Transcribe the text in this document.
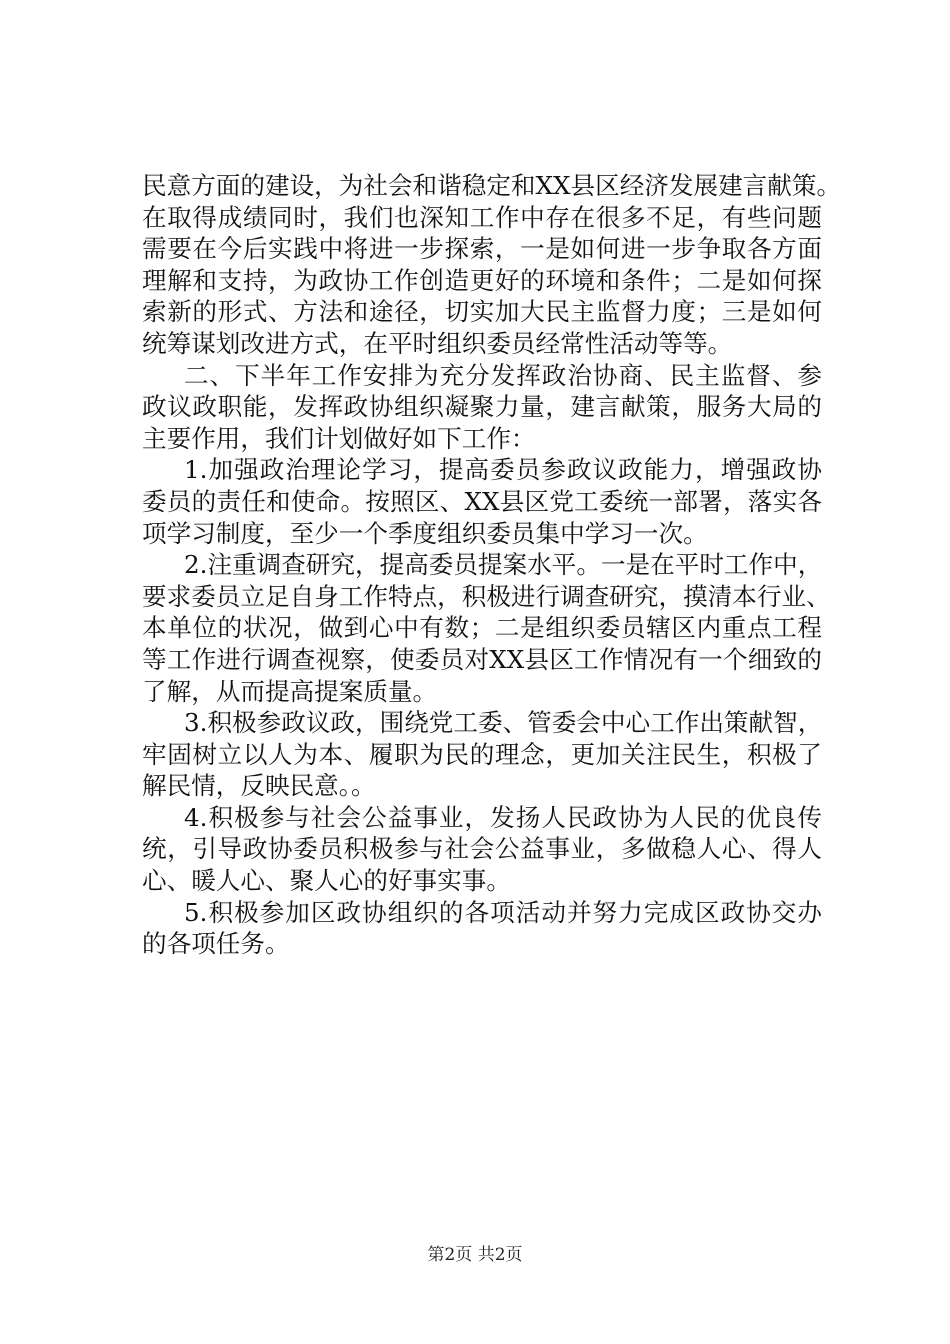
民意方面的建设，为社会和谐稳定和XX县区经济发展建言献策。
在取得成绩同时，我们也深知工作中存在很多不足，有些问题
需要在今后实践中将进一步探索，一是如何进一步争取各方面
理解和支持，为政协工作创造更好的环境和条件；二是如何探
索新的形式、方法和途径，切实加大民主监督力度；三是如何
统筹谋划改进方式，在平时组织委员经常性活动等等。
二、下半年工作安排为充分发挥政治协商、民主监督、参
政议政职能，发挥政协组织凝聚力量，建言献策，服务大局的
主要作用，我们计划做好如下工作：
1.加强政治理论学习，提高委员参政议政能力，增强政协
委员的责任和使命。按照区、XX县区党工委统一部署，落实各
项学习制度，至少一个季度组织委员集中学习一次。
2.注重调查研究，提高委员提案水平。一是在平时工作中，
要求委员立足自身工作特点，积极进行调查研究，摸清本行业、
本单位的状况，做到心中有数；二是组织委员辖区内重点工程
等工作进行调查视察，使委员对XX县区工作情况有一个细致的
了解，从而提高提案质量。
3.积极参政议政，围绕党工委、管委会中心工作出策献智，
牢固树立以人为本、履职为民的理念，更加关注民生，积极了
解民情，反映民意。。
4.积极参与社会公益事业，发扬人民政协为人民的优良传
统，引导政协委员积极参与社会公益事业，多做稳人心、得人
心、暖人心、聚人心的好事实事。
5.积极参加区政协组织的各项活动并努力完成区政协交办
的各项任务。
第2页 共2页
